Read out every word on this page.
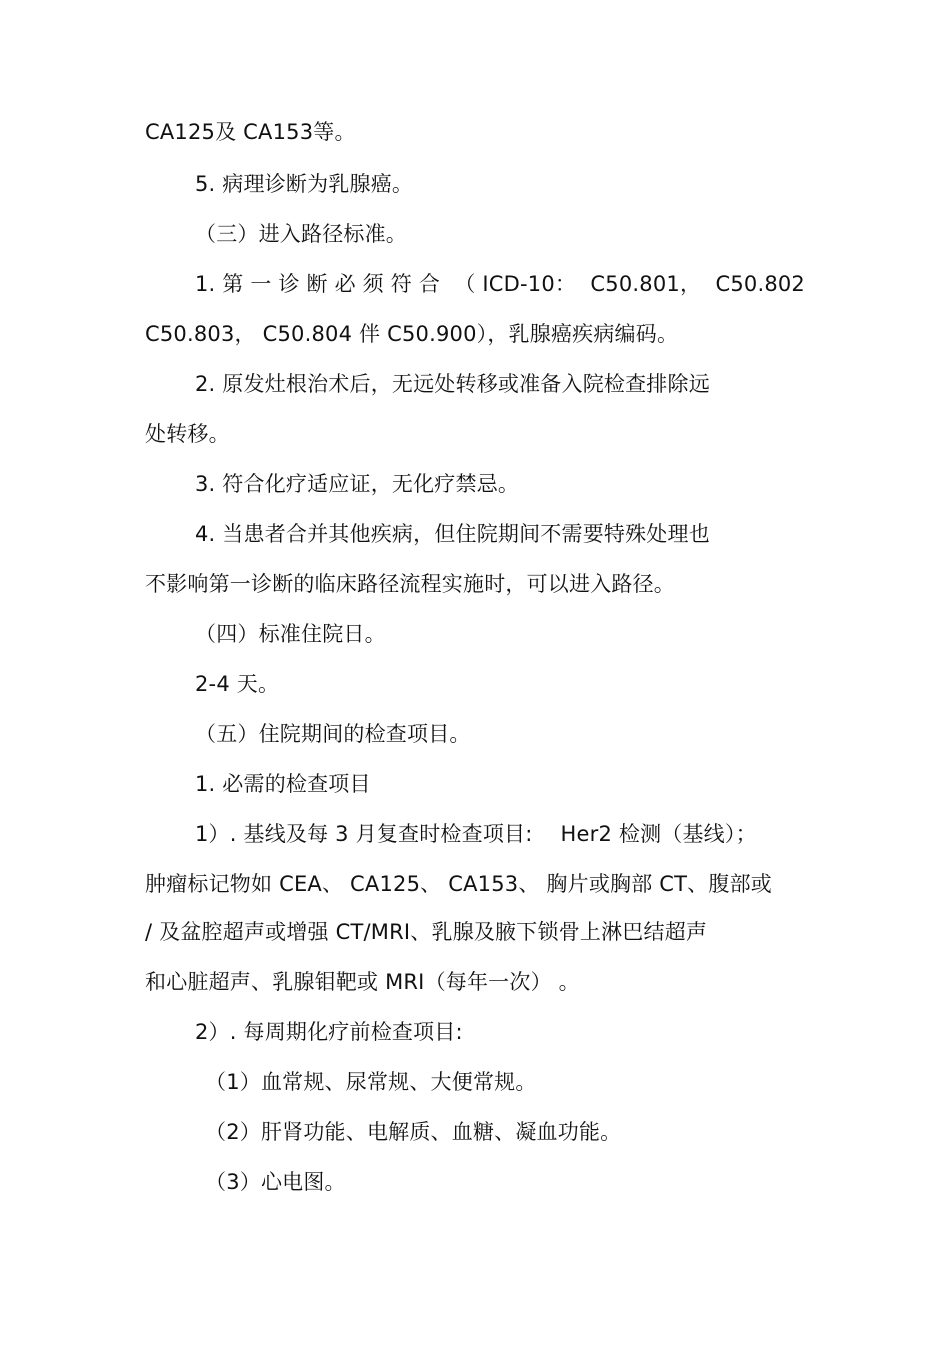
CA125及 CA153等。
5. 病理诊断为乳腺癌。
（三）进入路径标准。
1. 第 一 诊 断 必 须 符 合 （ ICD-10： C50.801， C50.802
C50.803， C50.804 伴 C50.900），乳腺癌疾病编码。
2. 原发灶根治术后，无远处转移或准备入院检查排除远
处转移。
3. 符合化疗适应证，无化疗禁忌。
4. 当患者合并其他疾病，但住院期间不需要特殊处理也
不影响第一诊断的临床路径流程实施时，可以进入路径。
（四）标准住院日。
2-4 天。
（五）住院期间的检查项目。
1. 必需的检查项目
1）. 基线及每 3 月复查时检查项目: Her2 检测（基线）；
肿瘤标记物如 CEA、 CA125、 CA153、 胸片或胸部 CT、腹部或
/ 及盆腔超声或增强 CT/MRI、乳腺及腋下锁骨上淋巴结超声
和心脏超声、乳腺钼靶或 MRI（每年一次） 。
2）. 每周期化疗前检查项目:
（1）血常规、尿常规、大便常规。
（2）肝肾功能、电解质、血糖、凝血功能。
（3）心电图。
